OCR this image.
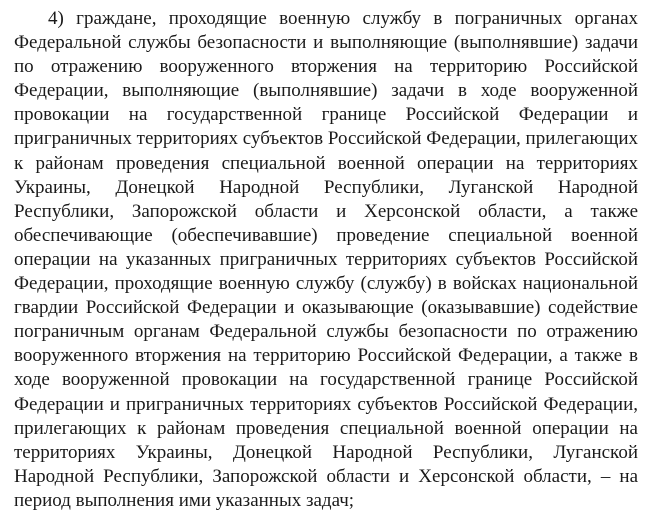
4) граждане, проходящие военную службу в пограничных органах
Федеральной службы безопасности и выполняющие (выполнявшие) задачи
по отражению вооруженного вторжения на территорию Российской
Федерации, выполняющие (выполнявшие) задачи в ходе вооруженной
провокации на государственной границе Российской Федерации и
приграничных территориях субъектов Российской Федерации, прилегающих
к районам проведения специальной военной операции на территориях
Украины, Донецкой Народной Республики, Луганской Народной
Республики, Запорожской области и Херсонской области, а также
обеспечивающие (обеспечивавшие) проведение специальной военной
операции на указанных приграничных территориях субъектов Российской
Федерации, проходящие военную службу (службу) в войсках национальной
гвардии Российской Федерации и оказывающие (оказывавшие) содействие
пограничным органам Федеральной службы безопасности по отражению
вооруженного вторжения на территорию Российской Федерации, а также в
ходе вооруженной провокации на государственной границе Российской
Федерации и приграничных территориях субъектов Российской Федерации,
прилегающих к районам проведения специальной военной операции на
территориях Украины, Донецкой Народной Республики, Луганской
Народной Республики, Запорожской области и Херсонской области, – на
период выполнения ими указанных задач;
